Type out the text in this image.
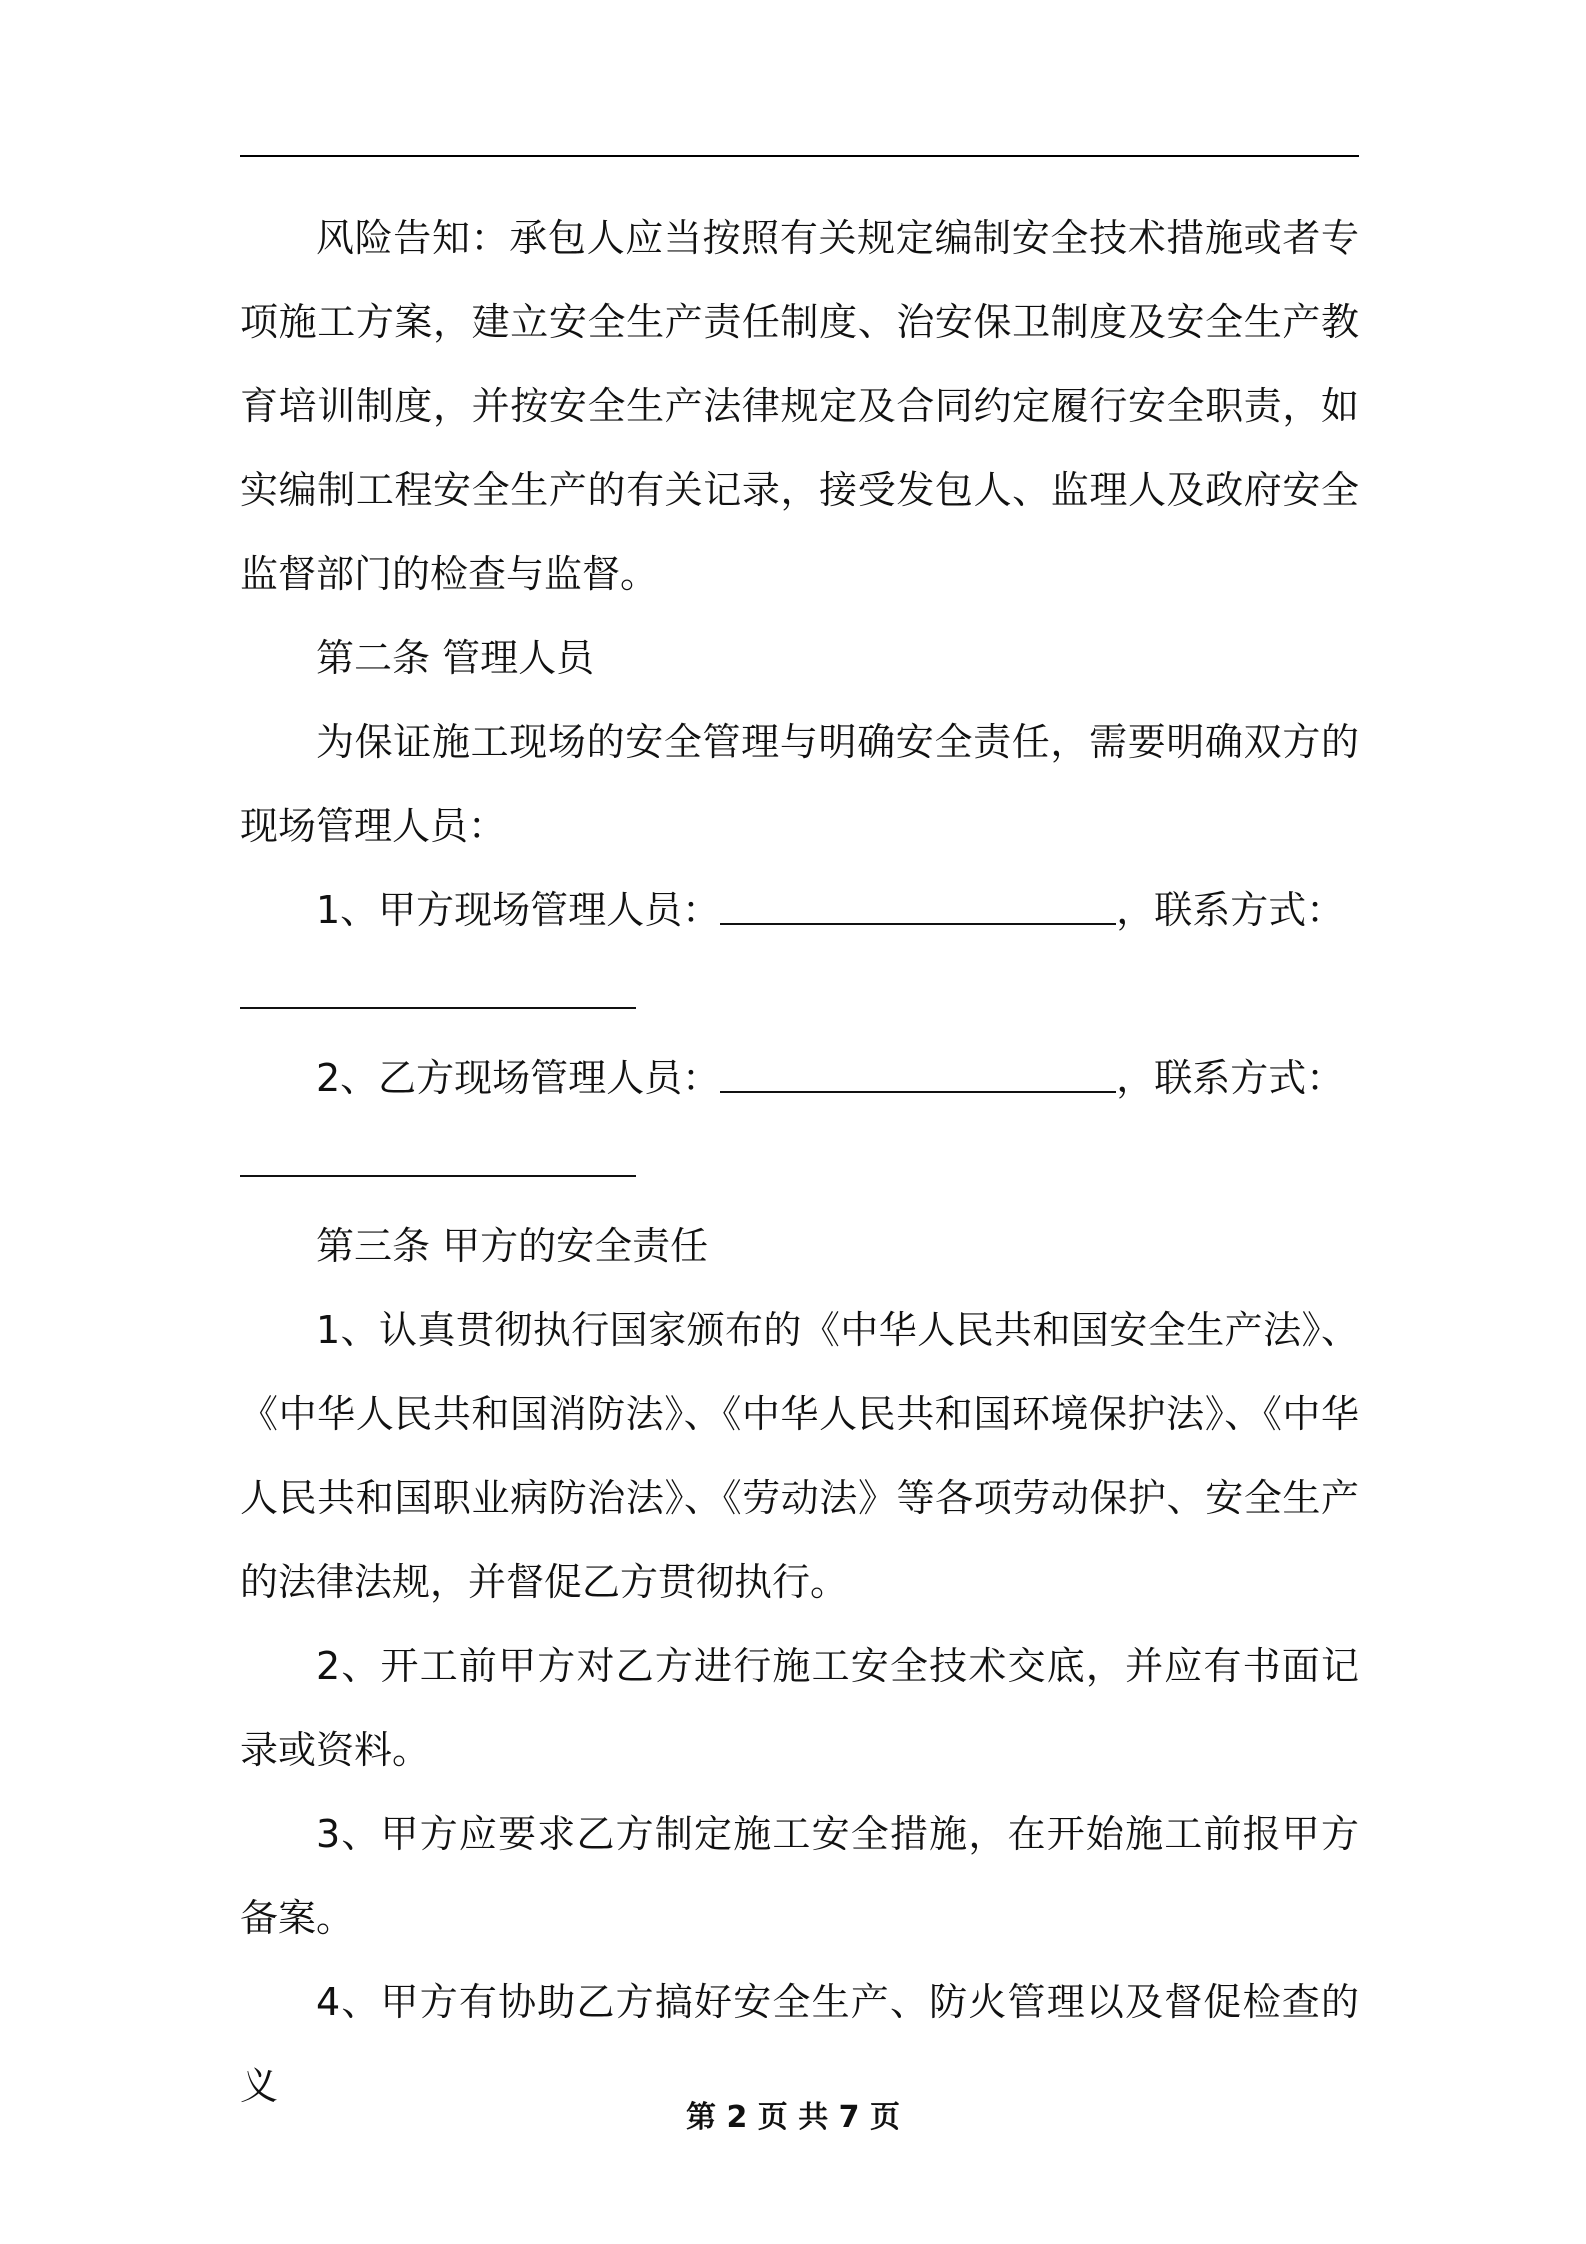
风险告知：承包人应当按照有关规定编制安全技术措施或者专项施工方案，建立安全生产责任制度、治安保卫制度及安全生产教育培训制度，并按安全生产法律规定及合同约定履行安全职责，如实编制工程安全生产的有关记录，接受发包人、监理人及政府安全监督部门的检查与监督。

第二条 管理人员

为保证施工现场的安全管理与明确安全责任，需要明确双方的现场管理人员：

1、甲方现场管理人员：	，联系方式：

2、乙方现场管理人员：	，联系方式：

第三条 甲方的安全责任

1、认真贯彻执行国家颁布的《中华人民共和国安全生产法》、《中华人民共和国消防法》、《中华人民共和国环境保护法》、《中华人民共和国职业病防治法》、《劳动法》等各项劳动保护、安全生产的法律法规，并督促乙方贯彻执行。

2、开工前甲方对乙方进行施工安全技术交底，并应有书面记录或资料。

3、甲方应要求乙方制定施工安全措施，在开始施工前报甲方备案。

4、甲方有协助乙方搞好安全生产、防火管理以及督促检查的义

第 2 页 共 7 页
